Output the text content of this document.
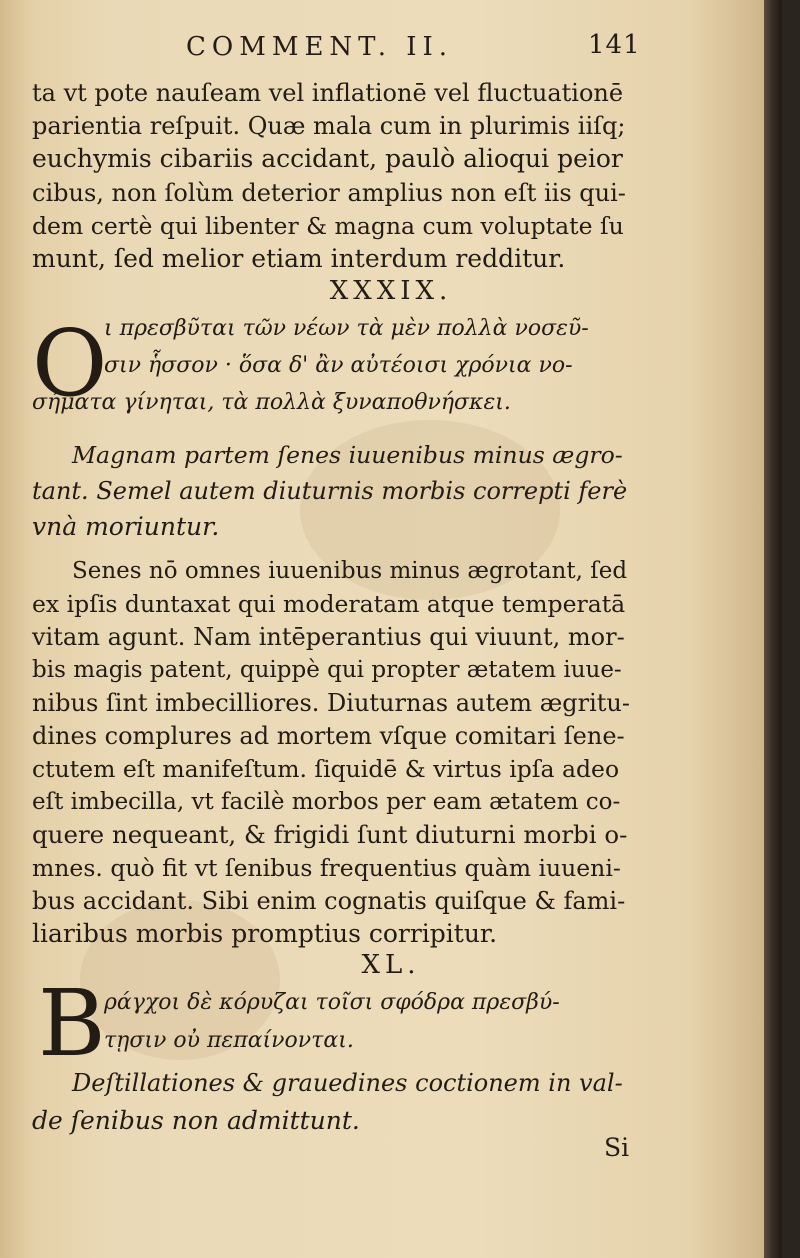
COMMENT. II.	141
ta vt pote nauſeam vel inflationē vel fluctuationē
parientia reſpuit. Quæ mala cum in plurimis iiſq;
euchymis cibariis accidant, paulò alioqui peior
cibus, non ſolùm deterior amplius non eſt iis qui-
dem certè qui libenter & magna cum voluptate ſu
munt, ſed melior etiam interdum redditur.
XXXIX.
O
ι πρεσβῦται τῶν νέων τὰ μὲν πολλὰ νοσεῦ-
σιν ἧσσον · ὅσα δ' ἂν αὐτέοισι χρόνια νο-
σήματα γίνηται, τὰ πολλὰ ξυναποθνήσκει.
Magnam partem ſenes iuuenibus minus ægro-
tant. Semel autem diuturnis morbis correpti ferè
vnà moriuntur.
Senes nō omnes iuuenibus minus ægrotant, ſed
ex ipſis duntaxat qui moderatam atque temperatā
vitam agunt. Nam intēperantius qui viuunt, mor-
bis magis patent, quippè qui propter ætatem iuue-
nibus ſint imbecilliores. Diuturnas autem ægritu-
dines complures ad mortem vſque comitari ſene-
ctutem eſt manifeſtum. ſiquidē & virtus ipſa adeo
eſt imbecilla, vt facilè morbos per eam ætatem co-
quere nequeant, & frigidi ſunt diuturni morbi o-
mnes. quò fit vt ſenibus frequentius quàm iuueni-
bus accidant. Sibi enim cognatis quiſque & fami-
liaribus morbis promptius corripitur.
XL.
B
ράγχοι δὲ κόρυζαι τοῖσι σφόδρα πρεσβύ-
τῃσιν οὐ πεπαίνονται.
Deſtillationes & grauedines coctionem in val-
de ſenibus non admittunt.
Si
